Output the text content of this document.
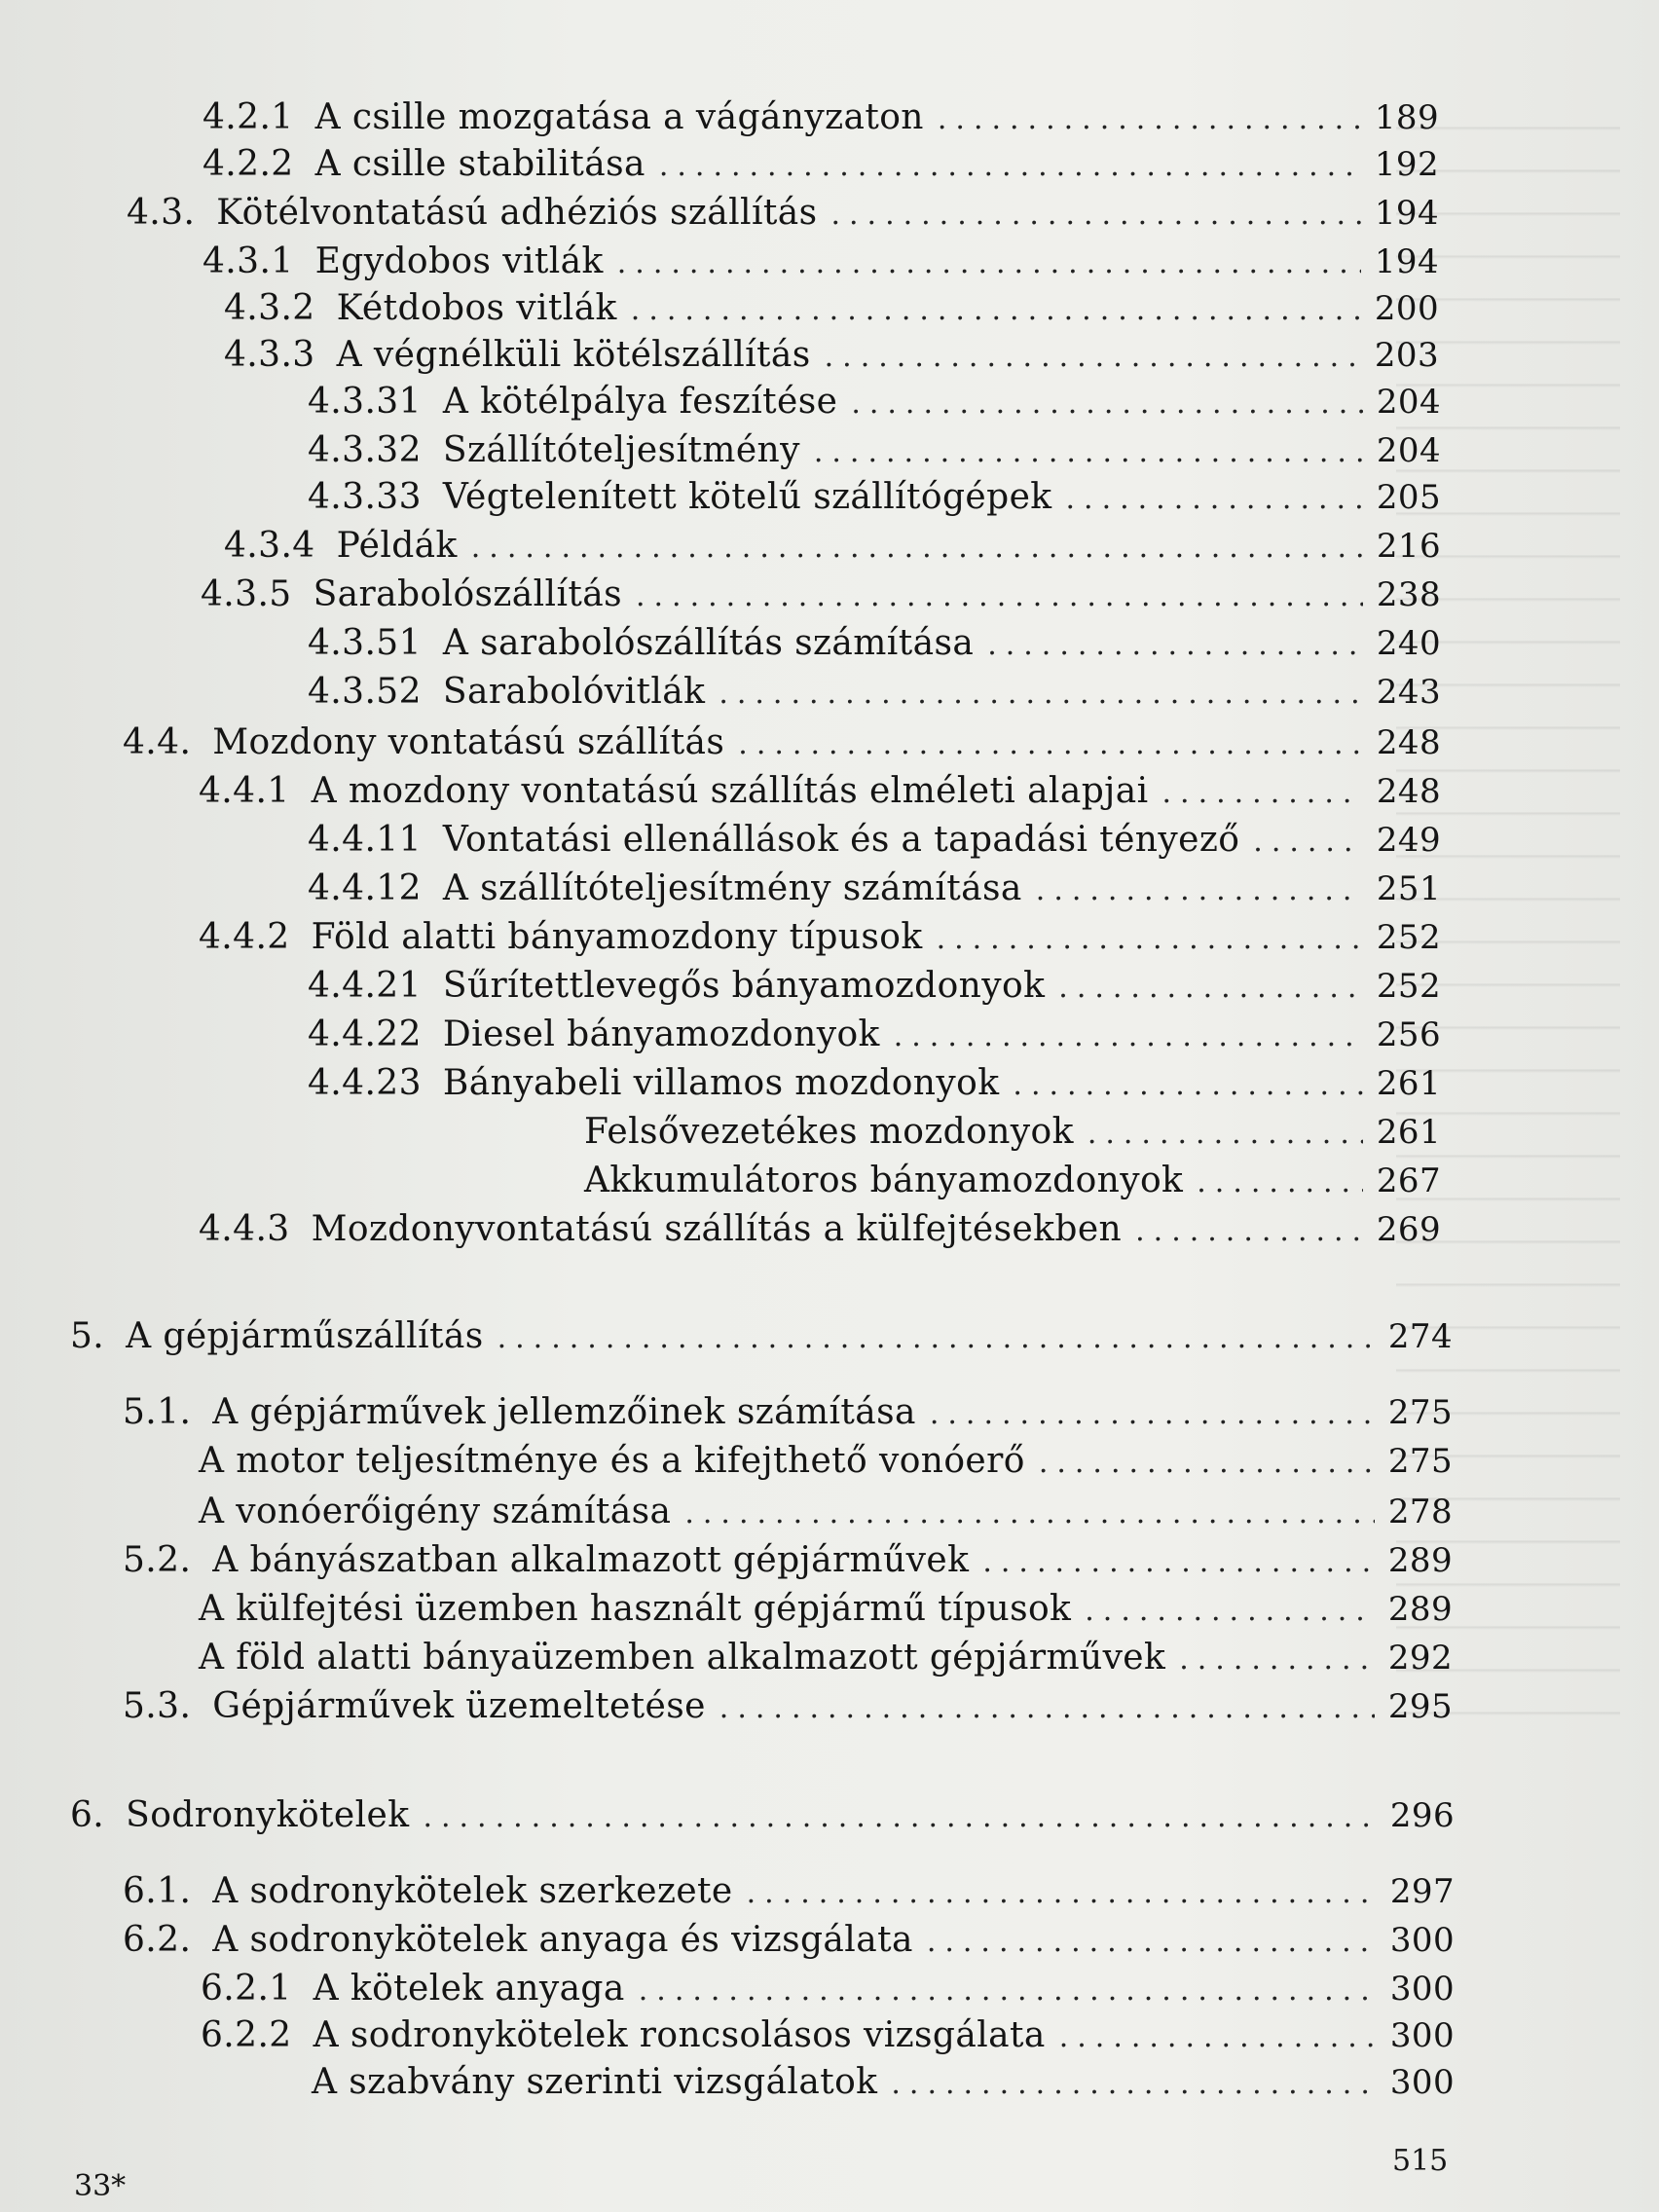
4.2.1 A csille mozgatása a vágányzaton .....	189
4.2.2 A csille stabilitása .....	192
4.3. Kötélvontatású adhéziós szállítás .....	194
4.3.1 Egydobos vitlák .....	194
4.3.2 Kétdobos vitlák .....	200
4.3.3 A végnélküli kötélszállítás .....	203
4.3.31 A kötélpálya feszítése .....	204
4.3.32 Szállítóteljesítmény .....	204
4.3.33 Végtelenített kötelű szállítógépek .....	205
4.3.4 Példák .....	216
4.3.5 Sarabolószállítás .....	238
4.3.51 A sarabolószállítás számítása .....	240
4.3.52 Sarabolóvitlák .....	243
4.4. Mozdony vontatású szállítás .....	248
4.4.1 A mozdony vontatású szállítás elméleti alapjai .....	248
4.4.11 Vontatási ellenállások és a tapadási tényező .....	249
4.4.12 A szállítóteljesítmény számítása .....	251
4.4.2 Föld alatti bányamozdony típusok .....	252
4.4.21 Sűrítettlevegős bányamozdonyok .....	252
4.4.22 Diesel bányamozdonyok .....	256
4.4.23 Bányabeli villamos mozdonyok .....	261
Felsővezetékes mozdonyok .....	261
Akkumulátoros bányamozdonyok .....	267
4.4.3 Mozdonyvontatású szállítás a külfejtésekben .....	269
5. A gépjárműszállítás .....	274
5.1. A gépjárművek jellemzőinek számítása .....	275
A motor teljesítménye és a kifejthető vonóerő .....	275
A vonóerőigény számítása .....	278
5.2. A bányászatban alkalmazott gépjárművek .....	289
A külfejtési üzemben használt gépjármű típusok .....	289
A föld alatti bányaüzemben alkalmazott gépjárművek .....	292
5.3. Gépjárművek üzemeltetése .....	295
6. Sodronykötelek .....	296
6.1. A sodronykötelek szerkezete .....	297
6.2. A sodronykötelek anyaga és vizsgálata .....	300
6.2.1 A kötelek anyaga .....	300
6.2.2 A sodronykötelek roncsolásos vizsgálata .....	300
A szabvány szerinti vizsgálatok .....	300
33*
515
